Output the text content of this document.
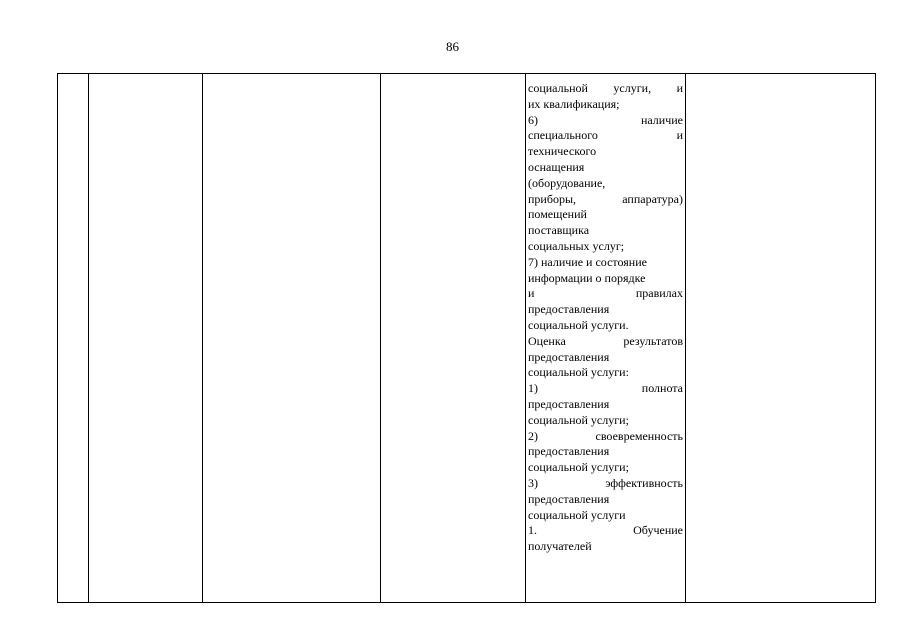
86
социальной услуги, и
их квалификация;
6)	наличие
специального	и
технического
оснащения
(оборудование,
приборы,	аппаратура)
помещений
поставщика
социальных услуг;
7) наличие и состояние
информации о порядке
и	правилах
предоставления
социальной услуги.
Оценка	результатов
предоставления
социальной услуги:
1)	полнота
предоставления
социальной услуги;
2)	своевременность
предоставления
социальной услуги;
3)	эффективность
предоставления
социальной услуги
1.	Обучение
получателей
